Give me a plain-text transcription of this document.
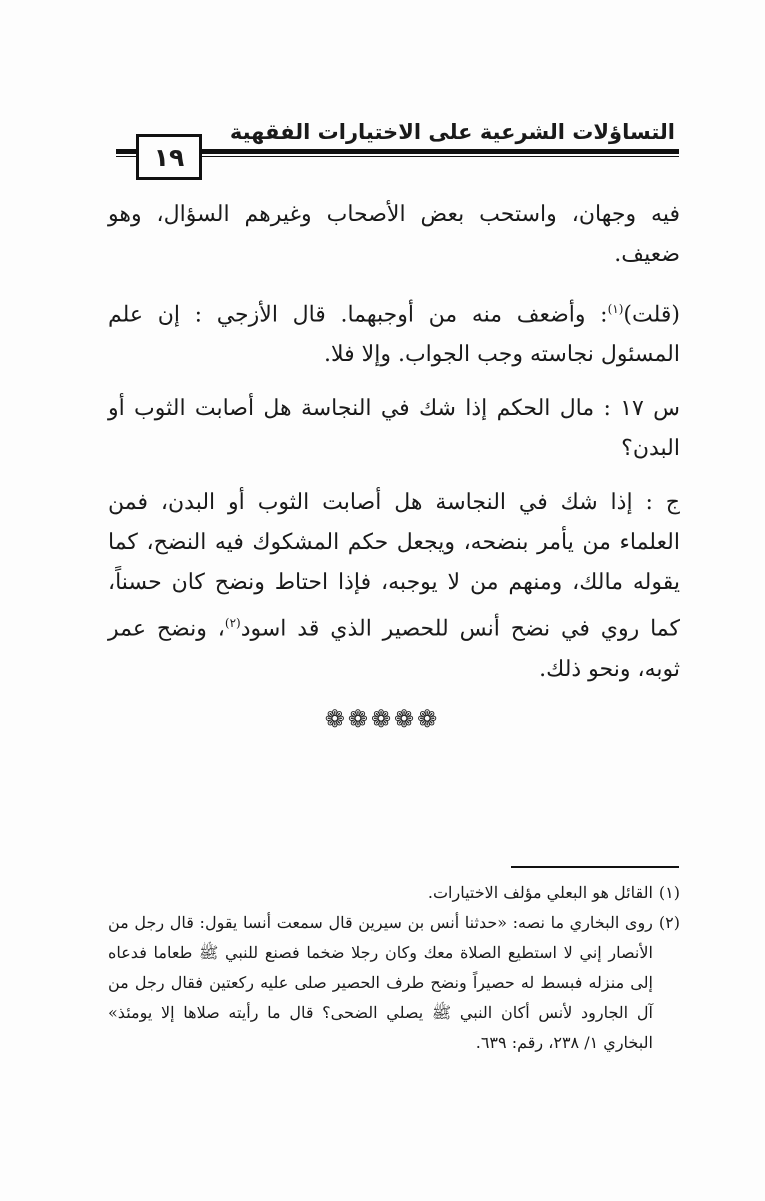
التساؤلات الشرعية على الاختيارات الفقهية
١٩

فيه وجهان، واستحب بعض الأصحاب وغيرهم السؤال، وهو ضعيف.

(قلت)$^{(١)}$: وأضعف منه من أوجبهما. قال الأزجي : إن علم المسئول نجاسته وجب الجواب. وإلا فلا.

س ١٧ : مال الحكم إذا شك في النجاسة هل أصابت الثوب أو البدن؟

ج : إذا شك في النجاسة هل أصابت الثوب أو البدن، فمن العلماء من يأمر بنضحه، ويجعل حكم المشكوك فيه النضح، كما يقوله مالك، ومنهم من لا يوجبه، فإذا احتاط ونضح كان حسناً، كما روي في نضح أنس للحصير الذي قد اسود$^{(٢)}$، ونضح عمر ثوبه، ونحو ذلك.

❁❁❁❁❁
(١)
القائل هو البعلي مؤلف الاختيارات.
(٢)
روى البخاري ما نصه: «حدثنا أنس بن سيرين قال سمعت أنسا يقول: قال رجل من الأنصار إني لا استطيع الصلاة معك وكان رجلا ضخما فصنع للنبي ﷺ طعاما فدعاه إلى منزله فبسط له حصيراً ونضح طرف الحصير صلى عليه ركعتين فقال رجل من آل الجارود لأنس أكان النبي ﷺ يصلي الضحى؟ قال ما رأيته صلاها إلا يومئذ» البخاري ١/ ٢٣٨، رقم: ٦٣٩.
